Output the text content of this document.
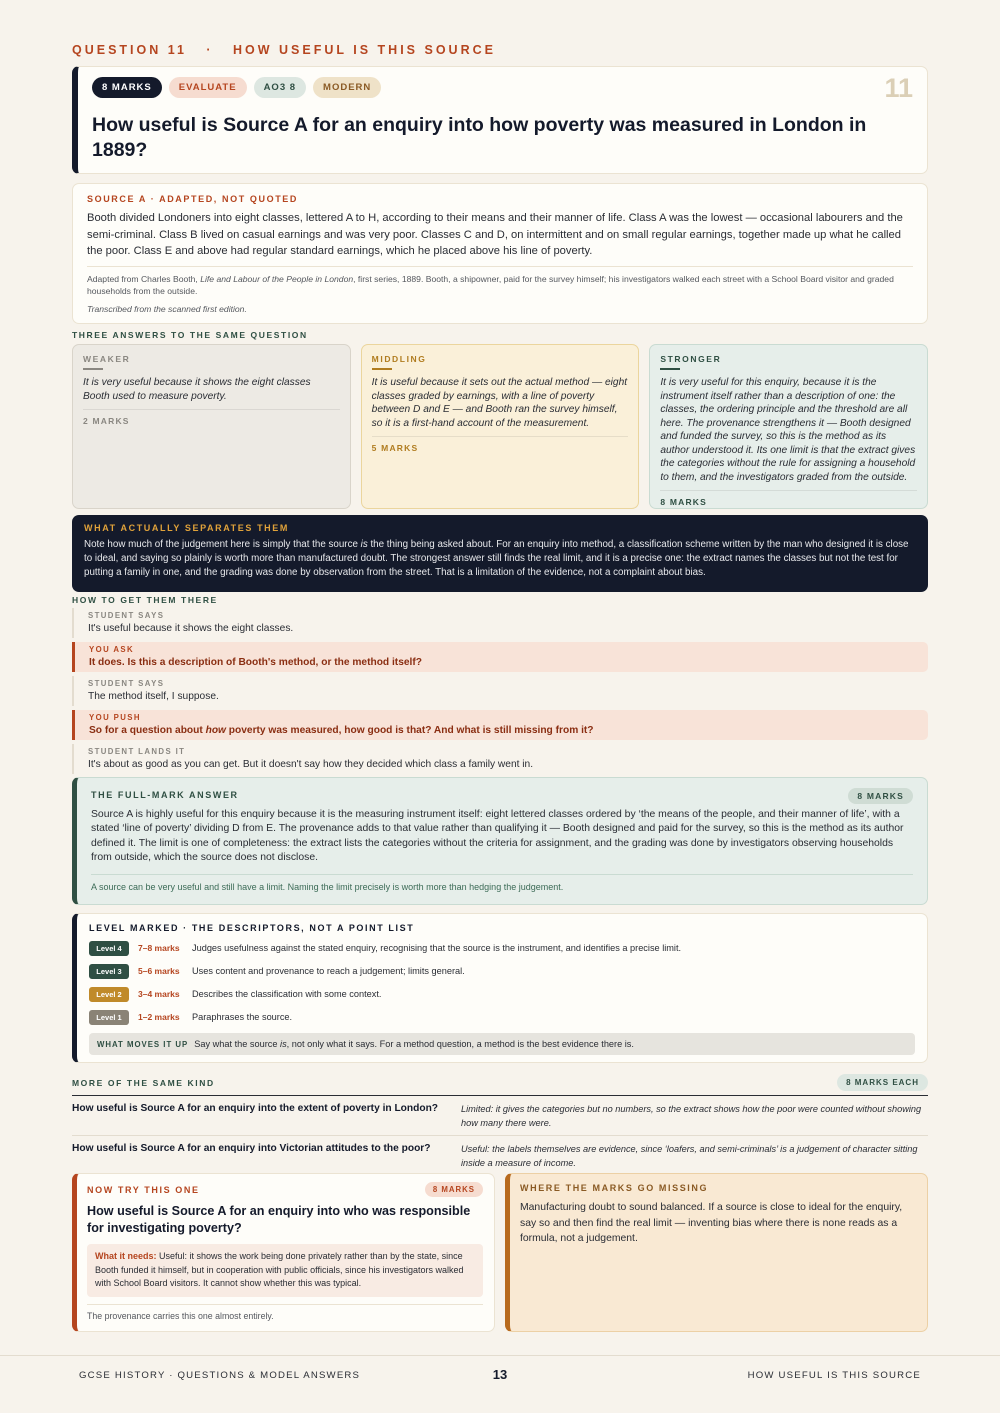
QUESTION 11 · HOW USEFUL IS THIS SOURCE
8 MARKS	EVALUATE	AO3 8	MODERN	11
How useful is Source A for an enquiry into how poverty was measured in London in 1889?
SOURCE A · ADAPTED, NOT QUOTED
Booth divided Londoners into eight classes, lettered A to H, according to their means and their manner of life. Class A was the lowest — occasional labourers and the semi-criminal. Class B lived on casual earnings and was very poor. Classes C and D, on intermittent and on small regular earnings, together made up what he called the poor. Class E and above had regular standard earnings, which he placed above his line of poverty.
Adapted from Charles Booth, Life and Labour of the People in London, first series, 1889. Booth, a shipowner, paid for the survey himself; his investigators walked each street with a School Board visitor and graded households from the outside.
Transcribed from the scanned first edition.
THREE ANSWERS TO THE SAME QUESTION
WEAKER
It is very useful because it shows the eight classes Booth used to measure poverty.
2 MARKS
MIDDLING
It is useful because it sets out the actual method — eight classes graded by earnings, with a line of poverty between D and E — and Booth ran the survey himself, so it is a first-hand account of the measurement.
5 MARKS
STRONGER
It is very useful for this enquiry, because it is the instrument itself rather than a description of one: the classes, the ordering principle and the threshold are all here. The provenance strengthens it — Booth designed and funded the survey, so this is the method as its author understood it. Its one limit is that the extract gives the categories without the rule for assigning a household to them, and the investigators graded from the outside.
8 MARKS
WHAT ACTUALLY SEPARATES THEM
Note how much of the judgement here is simply that the source is the thing being asked about. For an enquiry into method, a classification scheme written by the man who designed it is close to ideal, and saying so plainly is worth more than manufactured doubt. The strongest answer still finds the real limit, and it is a precise one: the extract names the classes but not the test for putting a family in one, and the grading was done by observation from the street. That is a limitation of the evidence, not a complaint about bias.
HOW TO GET THEM THERE
STUDENT SAYS
It's useful because it shows the eight classes.
YOU ASK
It does. Is this a description of Booth's method, or the method itself?
STUDENT SAYS
The method itself, I suppose.
YOU PUSH
So for a question about how poverty was measured, how good is that? And what is still missing from it?
STUDENT LANDS IT
It's about as good as you can get. But it doesn't say how they decided which class a family went in.
THE FULL-MARK ANSWER	8 MARKS
Source A is highly useful for this enquiry because it is the measuring instrument itself: eight lettered classes ordered by ‘the means of the people, and their manner of life’, with a stated ‘line of poverty’ dividing D from E. The provenance adds to that value rather than qualifying it — Booth designed and paid for the survey, so this is the method as its author defined it. The limit is one of completeness: the extract lists the categories without the criteria for assignment, and the grading was done by investigators observing households from outside, which the source does not disclose.
A source can be very useful and still have a limit. Naming the limit precisely is worth more than hedging the judgement.
LEVEL MARKED · THE DESCRIPTORS, NOT A POINT LIST
Level 4	7–8 marks	Judges usefulness against the stated enquiry, recognising that the source is the instrument, and identifies a precise limit.
Level 3	5–6 marks	Uses content and provenance to reach a judgement; limits general.
Level 2	3–4 marks	Describes the classification with some context.
Level 1	1–2 marks	Paraphrases the source.
WHAT MOVES IT UP Say what the source is, not only what it says. For a method question, a method is the best evidence there is.
MORE OF THE SAME KIND	8 MARKS EACH
How useful is Source A for an enquiry into the extent of poverty in London?	Limited: it gives the categories but no numbers, so the extract shows how the poor were counted without showing how many there were.
How useful is Source A for an enquiry into Victorian attitudes to the poor?	Useful: the labels themselves are evidence, since ‘loafers, and semi-criminals’ is a judgement of character sitting inside a measure of income.
NOW TRY THIS ONE	8 MARKS
How useful is Source A for an enquiry into who was responsible for investigating poverty?
What it needs: Useful: it shows the work being done privately rather than by the state, since Booth funded it himself, but in cooperation with public officials, since his investigators walked with School Board visitors. It cannot show whether this was typical.
The provenance carries this one almost entirely.
WHERE THE MARKS GO MISSING
Manufacturing doubt to sound balanced. If a source is close to ideal for the enquiry, say so and then find the real limit — inventing bias where there is none reads as a formula, not a judgement.
GCSE HISTORY · QUESTIONS & MODEL ANSWERS	13	HOW USEFUL IS THIS SOURCE
